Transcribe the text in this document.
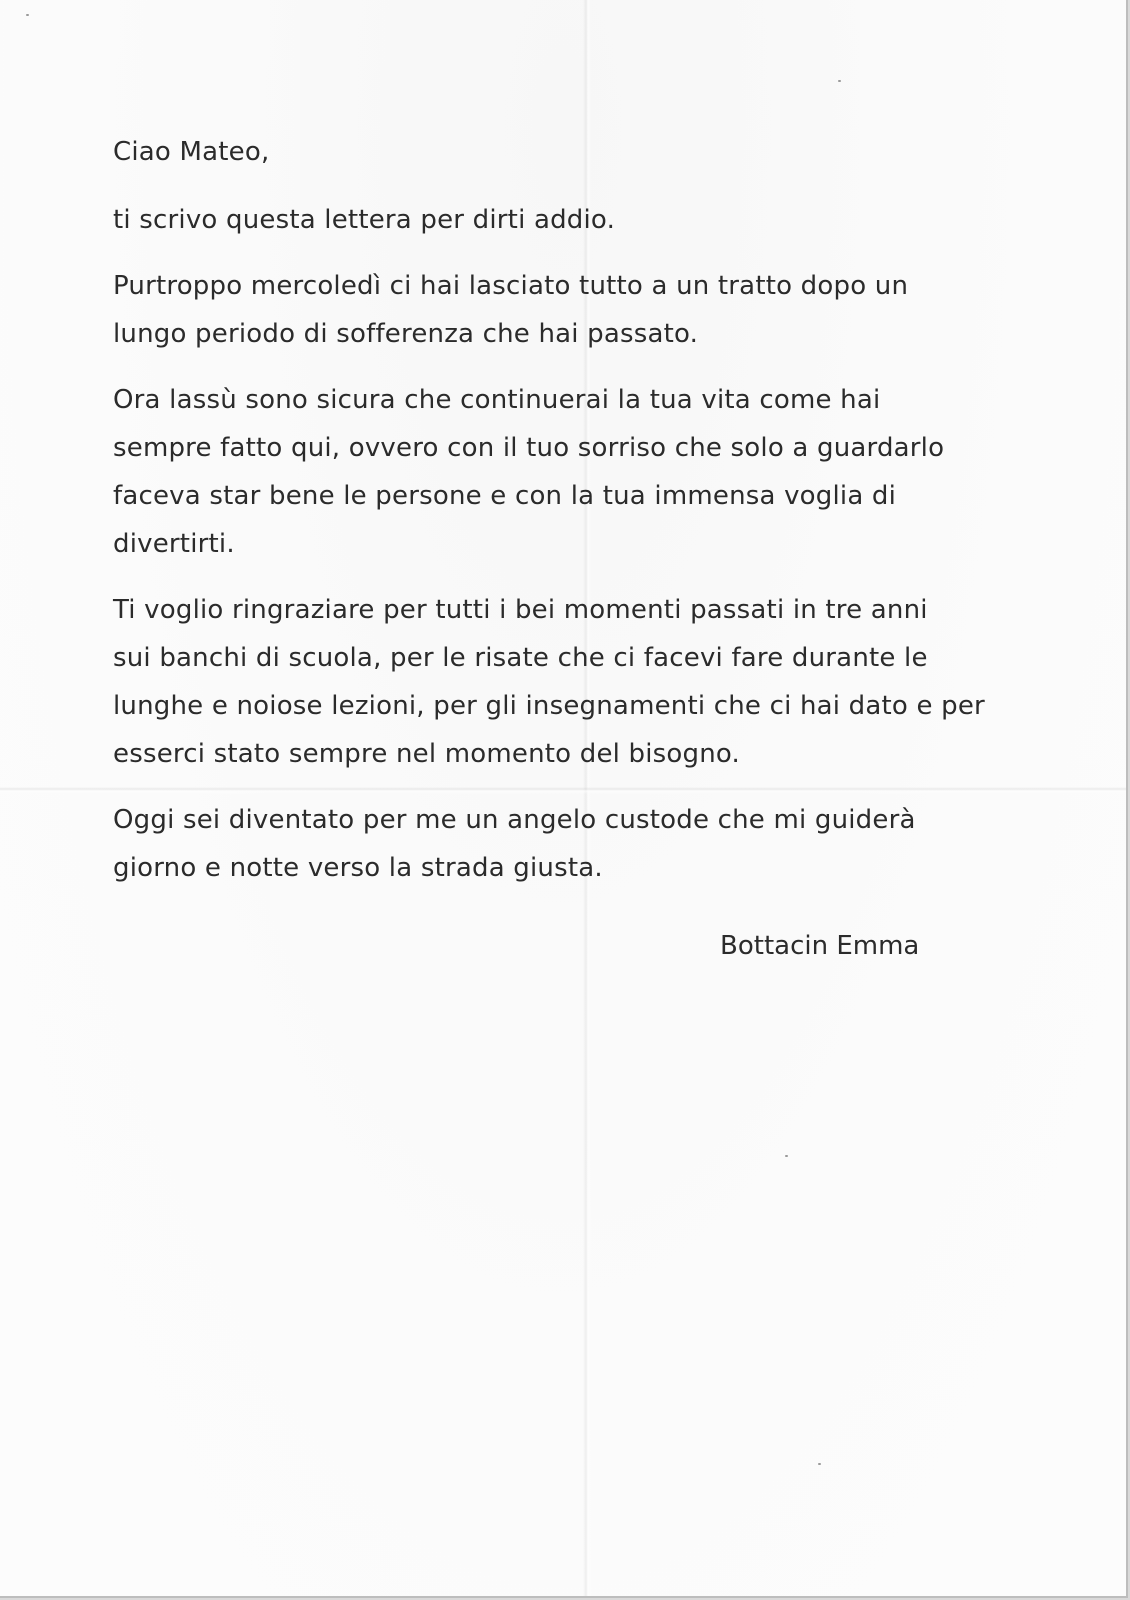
Ciao Mateo,

ti scrivo questa lettera per dirti addio.

Purtroppo mercoledì ci hai lasciato tutto a un tratto dopo un
lungo periodo di sofferenza che hai passato.

Ora lassù sono sicura che continuerai la tua vita come hai
sempre fatto qui, ovvero con il tuo sorriso che solo a guardarlo
faceva star bene le persone e con la tua immensa voglia di
divertirti.

Ti voglio ringraziare per tutti i bei momenti passati in tre anni
sui banchi di scuola, per le risate che ci facevi fare durante le
lunghe e noiose lezioni, per gli insegnamenti che ci hai dato e per
esserci stato sempre nel momento del bisogno.

Oggi sei diventato per me un angelo custode che mi guiderà
giorno e notte verso la strada giusta.

Bottacin Emma
